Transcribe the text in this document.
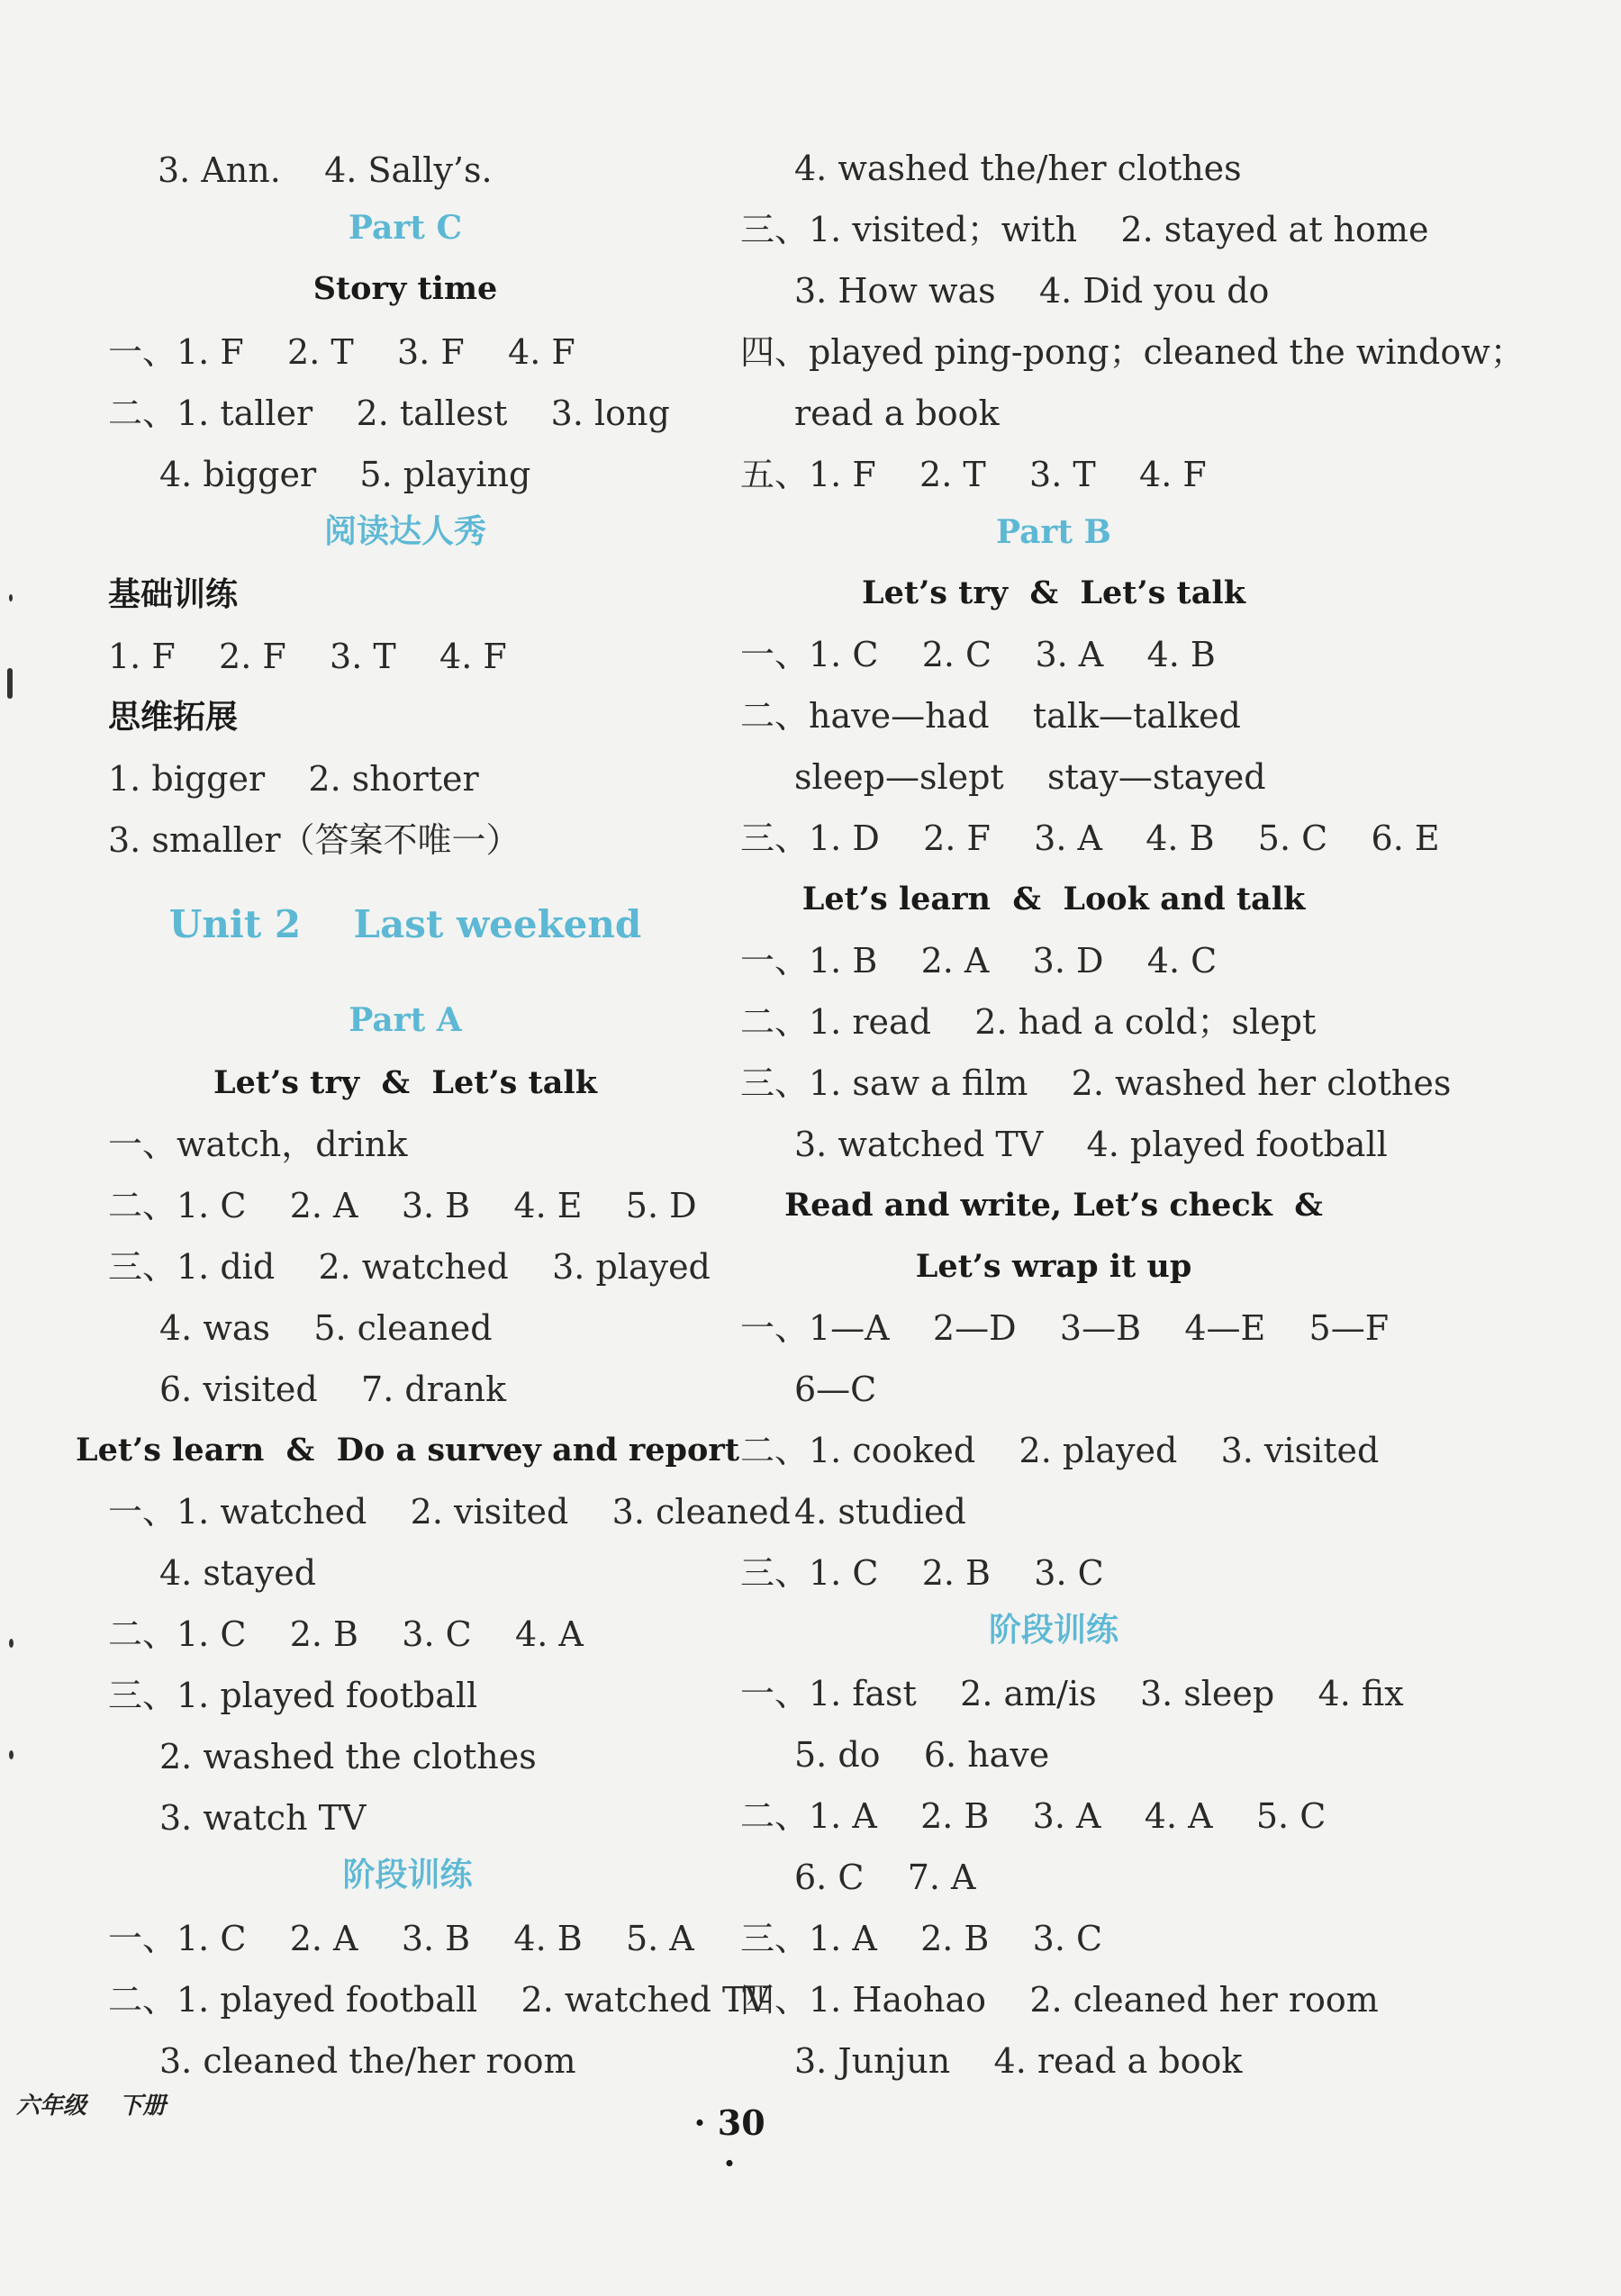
3. Ann.    4. Sally’s.
Part C
Story time
一、1. F    2. T    3. F    4. F
二、1. taller    2. tallest    3. long
4. bigger    5. playing
阅读达人秀
基础训练
1. F    2. F    3. T    4. F
思维拓展
1. bigger    2. shorter
3. smaller（答案不唯一）
Unit 2    Last weekend
Part A
Let’s try  &  Let’s talk
一、watch，drink
二、1. C    2. A    3. B    4. E    5. D
三、1. did    2. watched    3. played
4. was    5. cleaned
6. visited    7. drank
Let’s learn  &  Do a survey and report
一、1. watched    2. visited    3. cleaned
4. stayed
二、1. C    2. B    3. C    4. A
三、1. played football
2. washed the clothes
3. watch TV
阶段训练
一、1. C    2. A    3. B    4. B    5. A
二、1. played football    2. watched TV
3. cleaned the/her room
4. washed the/her clothes
三、1. visited；with    2. stayed at home
3. How was    4. Did you do
四、played ping-pong；cleaned the window；
read a book
五、1. F    2. T    3. T    4. F
Part B
Let’s try  &  Let’s talk
一、1. C    2. C    3. A    4. B
二、have—had    talk—talked
sleep—slept    stay—stayed
三、1. D    2. F    3. A    4. B    5. C    6. E
Let’s learn  &  Look and talk
一、1. B    2. A    3. D    4. C
二、1. read    2. had a cold；slept
三、1. saw a film    2. washed her clothes
3. watched TV    4. played football
Read and write, Let’s check  &
Let’s wrap it up
一、1—A    2—D    3—B    4—E    5—F
6—C
二、1. cooked    2. played    3. visited
4. studied
三、1. C    2. B    3. C
阶段训练
一、1. fast    2. am/is    3. sleep    4. fix
5. do    6. have
二、1. A    2. B    3. A    4. A    5. C
6. C    7. A
三、1. A    2. B    3. C
四、1. Haohao    2. cleaned her room
3. Junjun    4. read a book
六年级    下册	· 30 ·
